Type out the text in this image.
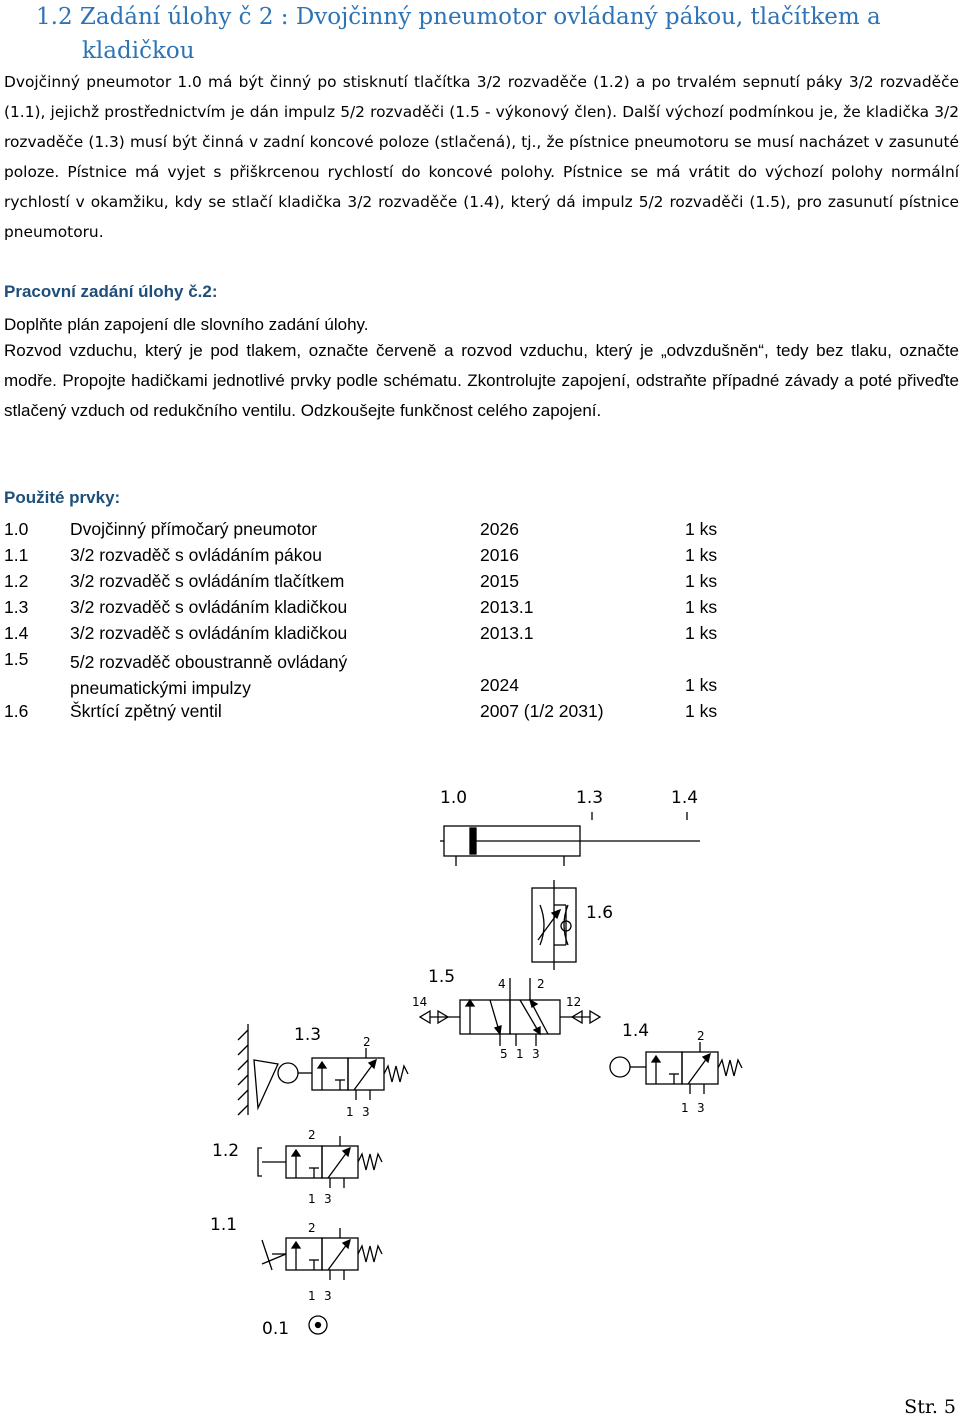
1.2 Zadání úlohy č 2 : Dvojčinný pneumotor ovládaný pákou, tlačítkem a
kladičkou

Dvojčinný pneumotor 1.0 má být činný po stisknutí tlačítka 3/2 rozvaděče (1.2) a po trvalém sepnutí páky 3/2 rozvaděče (1.1), jejichž prostřednictvím je dán impulz 5/2 rozvaděči (1.5 - výkonový člen). Další výchozí podmínkou je, že kladička 3/2 rozvaděče (1.3) musí být činná v zadní koncové poloze (stlačená), tj., že pístnice pneumotoru se musí nacházet v zasunuté poloze. Pístnice má vyjet s přiškrcenou rychlostí do koncové polohy. Pístnice se má vrátit do výchozí polohy normální rychlostí v okamžiku, kdy se stlačí kladička 3/2 rozvaděče (1.4), který dá impulz 5/2 rozvaděči (1.5), pro zasunutí pístnice pneumotoru.

Pracovní zadání úlohy č.2:

Doplňte plán zapojení dle slovního zadání úlohy.

Rozvod vzduchu, který je pod tlakem, označte červeně a rozvod vzduchu, který je „odvzdušněn“, tedy bez tlaku, označte modře. Propojte hadičkami jednotlivé prvky podle schématu. Zkontrolujte zapojení, odstraňte případné závady a poté přiveďte stlačený vzduch od redukčního ventilu. Odzkoušejte funkčnost celého zapojení.

Použité prvky:

1.0 Dvojčinný přímočarý pneumotor	2026	1 ks
1.1 3/2 rozvaděč s ovládáním pákou	2016	1 ks
1.2 3/2 rozvaděč s ovládáním tlačítkem	2015	1 ks
1.3 3/2 rozvaděč s ovládáním kladičkou	2013.1	1 ks
1.4 3/2 rozvaděč s ovládáním kladičkou	2013.1	1 ks
1.5 5/2 rozvaděč oboustranně ovládaný
pneumatickými impulzy	2024	1 ks
1.6 Škrtící zpětný ventil	2007 (1/2 2031)	1 ks
1.0	1.3	1.4
1.6
1.5	4	2
14	12
5 1 3
1.3	2
1 3
1.4	2
1 3
1.2
2
1 3
1.1	2
1 3
0.1
Str. 5
